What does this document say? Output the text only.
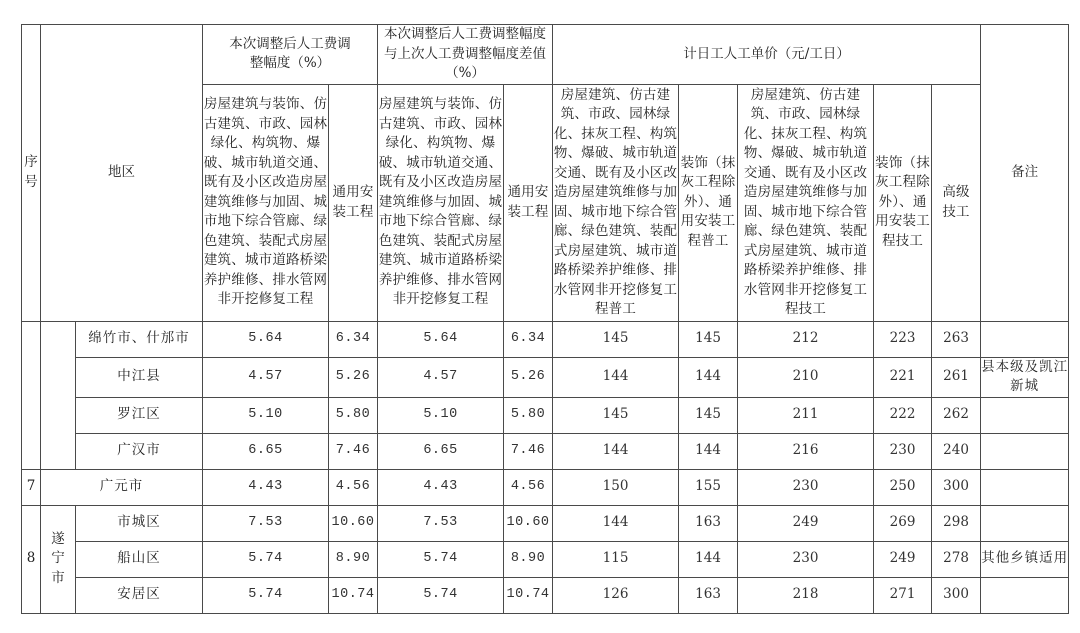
序号	地区		本次调整后人工费调整幅度（%）		本次调整后人工费调整幅度与上次人工费调整幅度差值（%）		计日工人工单价（元/工日）					备注
			房屋建筑与装饰、仿古建筑、市政、园林绿化、构筑物、爆破、城市轨道交通、既有及小区改造房屋建筑维修与加固、城市地下综合管廊、绿色建筑、装配式房屋建筑、城市道路桥梁养护维修、排水管网非开挖修复工程	通用安装工程	房屋建筑与装饰、仿古建筑、市政、园林绿化、构筑物、爆破、城市轨道交通、既有及小区改造房屋建筑维修与加固、城市地下综合管廊、绿色建筑、装配式房屋建筑、城市道路桥梁养护维修、排水管网非开挖修复工程	通用安装工程	房屋建筑、仿古建筑、市政、园林绿化、抹灰工程、构筑物、爆破、城市轨道交通、既有及小区改造房屋建筑维修与加固、城市地下综合管廊、绿色建筑、装配式房屋建筑、城市道路桥梁养护维修、排水管网非开挖修复工程普工	装饰（抹灰工程除外）、通用安装工程普工	房屋建筑、仿古建筑、市政、园林绿化、抹灰工程、构筑物、爆破、城市轨道交通、既有及小区改造房屋建筑维修与加固、城市地下综合管廊、绿色建筑、装配式房屋建筑、城市道路桥梁养护维修、排水管网非开挖修复工程技工	装饰（抹灰工程除外）、通用安装工程技工	高级技工	
		绵竹市、什邡市	5.64	6.34	5.64	6.34	145	145	212	223	263	
		中江县	4.57	5.26	4.57	5.26	144	144	210	221	261	县本级及凯江新城
		罗江区	5.10	5.80	5.10	5.80	145	145	211	222	262	
		广汉市	6.65	7.46	6.65	7.46	144	144	216	230	240	
7	广元市		4.43	4.56	4.43	4.56	150	155	230	250	300	
8	遂宁市	市城区	7.53	10.60	7.53	10.60	144	163	249	269	298	
		船山区	5.74	8.90	5.74	8.90	115	144	230	249	278	其他乡镇适用
		安居区	5.74	10.74	5.74	10.74	126	163	218	271	300	
